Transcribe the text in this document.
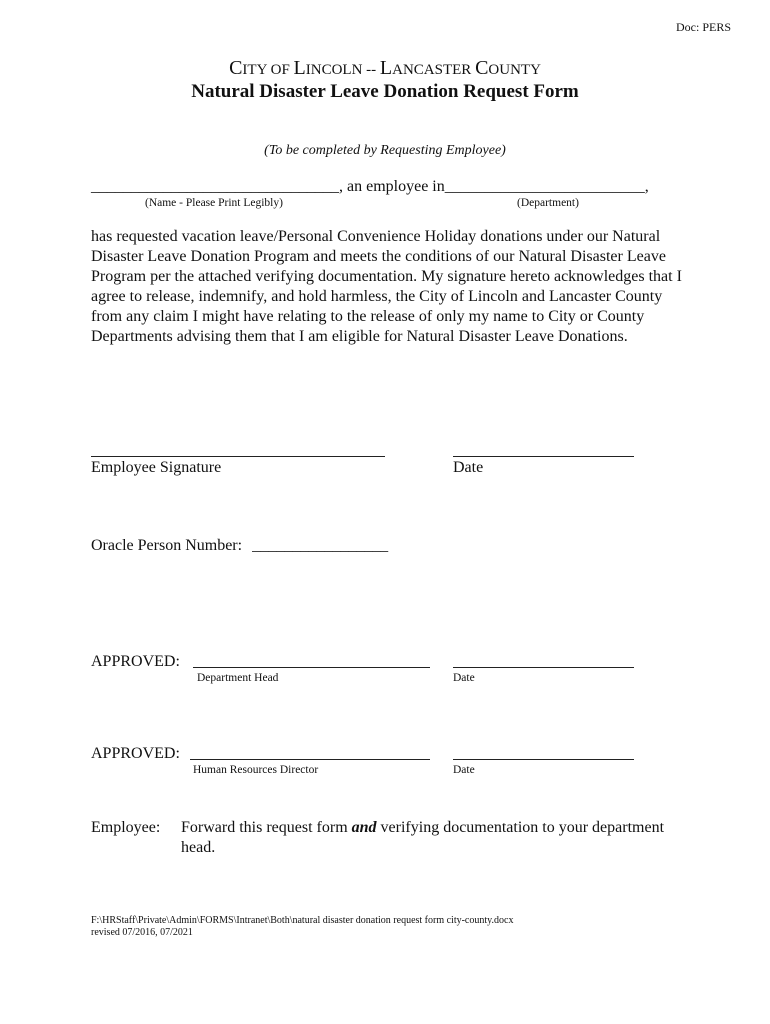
Doc: PERS
CITY OF LINCOLN -- LANCASTER COUNTY
Natural Disaster Leave Donation Request Form
(To be completed by Requesting Employee)
_______________________________, an employee in_________________________,
(Name - Please Print Legibly)	(Department)
has requested vacation leave/Personal Convenience Holiday donations under our Natural Disaster Leave Donation Program and meets the conditions of our Natural Disaster Leave Program per the attached verifying documentation. My signature hereto acknowledges that I agree to release, indemnify, and hold harmless, the City of Lincoln and Lancaster County from any claim I might have relating to the release of only my name to City or County Departments advising them that I am eligible for Natural Disaster Leave Donations.
Employee Signature	Date
Oracle Person Number: _________________
APPROVED:
Department Head	Date
APPROVED:
Human Resources Director	Date
Employee: Forward this request form and verifying documentation to your department
head.
F:\HRStaff\Private\Admin\FORMS\Intranet\Both\natural disaster donation request form city-county.docx
revised 07/2016, 07/2021
